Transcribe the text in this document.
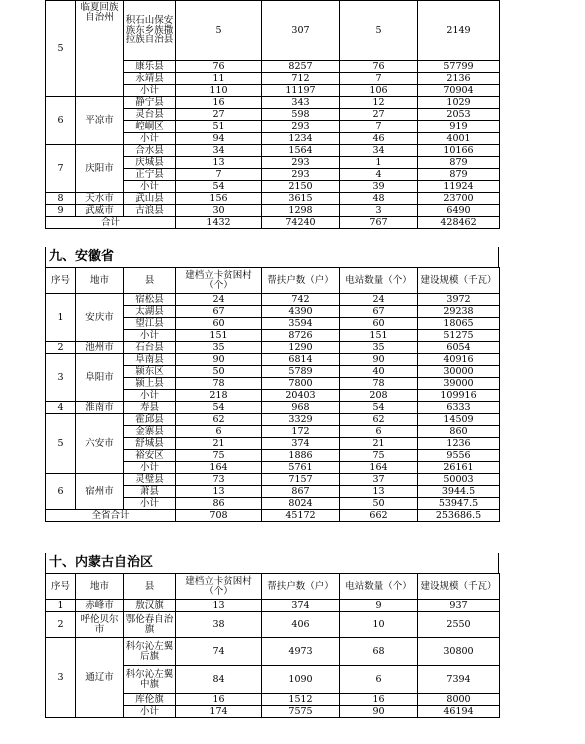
5	临夏回族自治州	积石山保安族东乡族撒拉族自治县	5	307	5	2149
		康乐县	76	8257	76	57799
		永靖县	11	712	7	2136
		小计	110	11197	106	70904
6	平凉市	静宁县	16	343	12	1029
		灵台县	27	598	27	2053
		崆峒区	51	293	7	919
		小计	94	1234	46	4001
7	庆阳市	合水县	34	1564	34	10166
		庆城县	13	293	1	879
		正宁县	7	293	4	879
		小计	54	2150	39	11924
8	天水市	武山县	156	3615	48	23700
9	武威市	古浪县	30	1298	3	6490
合计			1432	74240	767	428462
九、安徽省
序号	地市	县	建档立卡贫困村（个）	帮扶户数（户）	电站数量（个）	建设规模（千瓦）
1	安庆市	宿松县	24	742	24	3972
		太湖县	67	4390	67	29238
		望江县	60	3594	60	18065
		小计	151	8726	151	51275
2	池州市	石台县	35	1290	35	6054
3	阜阳市	阜南县	90	6814	90	40916
		颍东区	50	5789	40	30000
		颍上县	78	7800	78	39000
		小计	218	20403	208	109916
4	淮南市	寿县	54	968	54	6333
5	六安市	霍邱县	62	3329	62	14509
		金寨县	6	172	6	860
		舒城县	21	374	21	1236
		裕安区	75	1886	75	9556
		小计	164	5761	164	26161
6	宿州市	灵璧县	73	7157	37	50003
		萧县	13	867	13	3944.5
		小计	86	8024	50	53947.5
全省合计			708	45172	662	253686.5
十、内蒙古自治区
序号	地市	县	建档立卡贫困村（个）	帮扶户数（户）	电站数量（个）	建设规模（千瓦）
1	赤峰市	敖汉旗	13	374	9	937
2	呼伦贝尔市	鄂伦春自治旗	38	406	10	2550
3	通辽市	科尔沁左翼后旗	74	4973	68	30800
		科尔沁左翼中旗	84	1090	6	7394
		库伦旗	16	1512	16	8000
		小计	174	7575	90	46194
